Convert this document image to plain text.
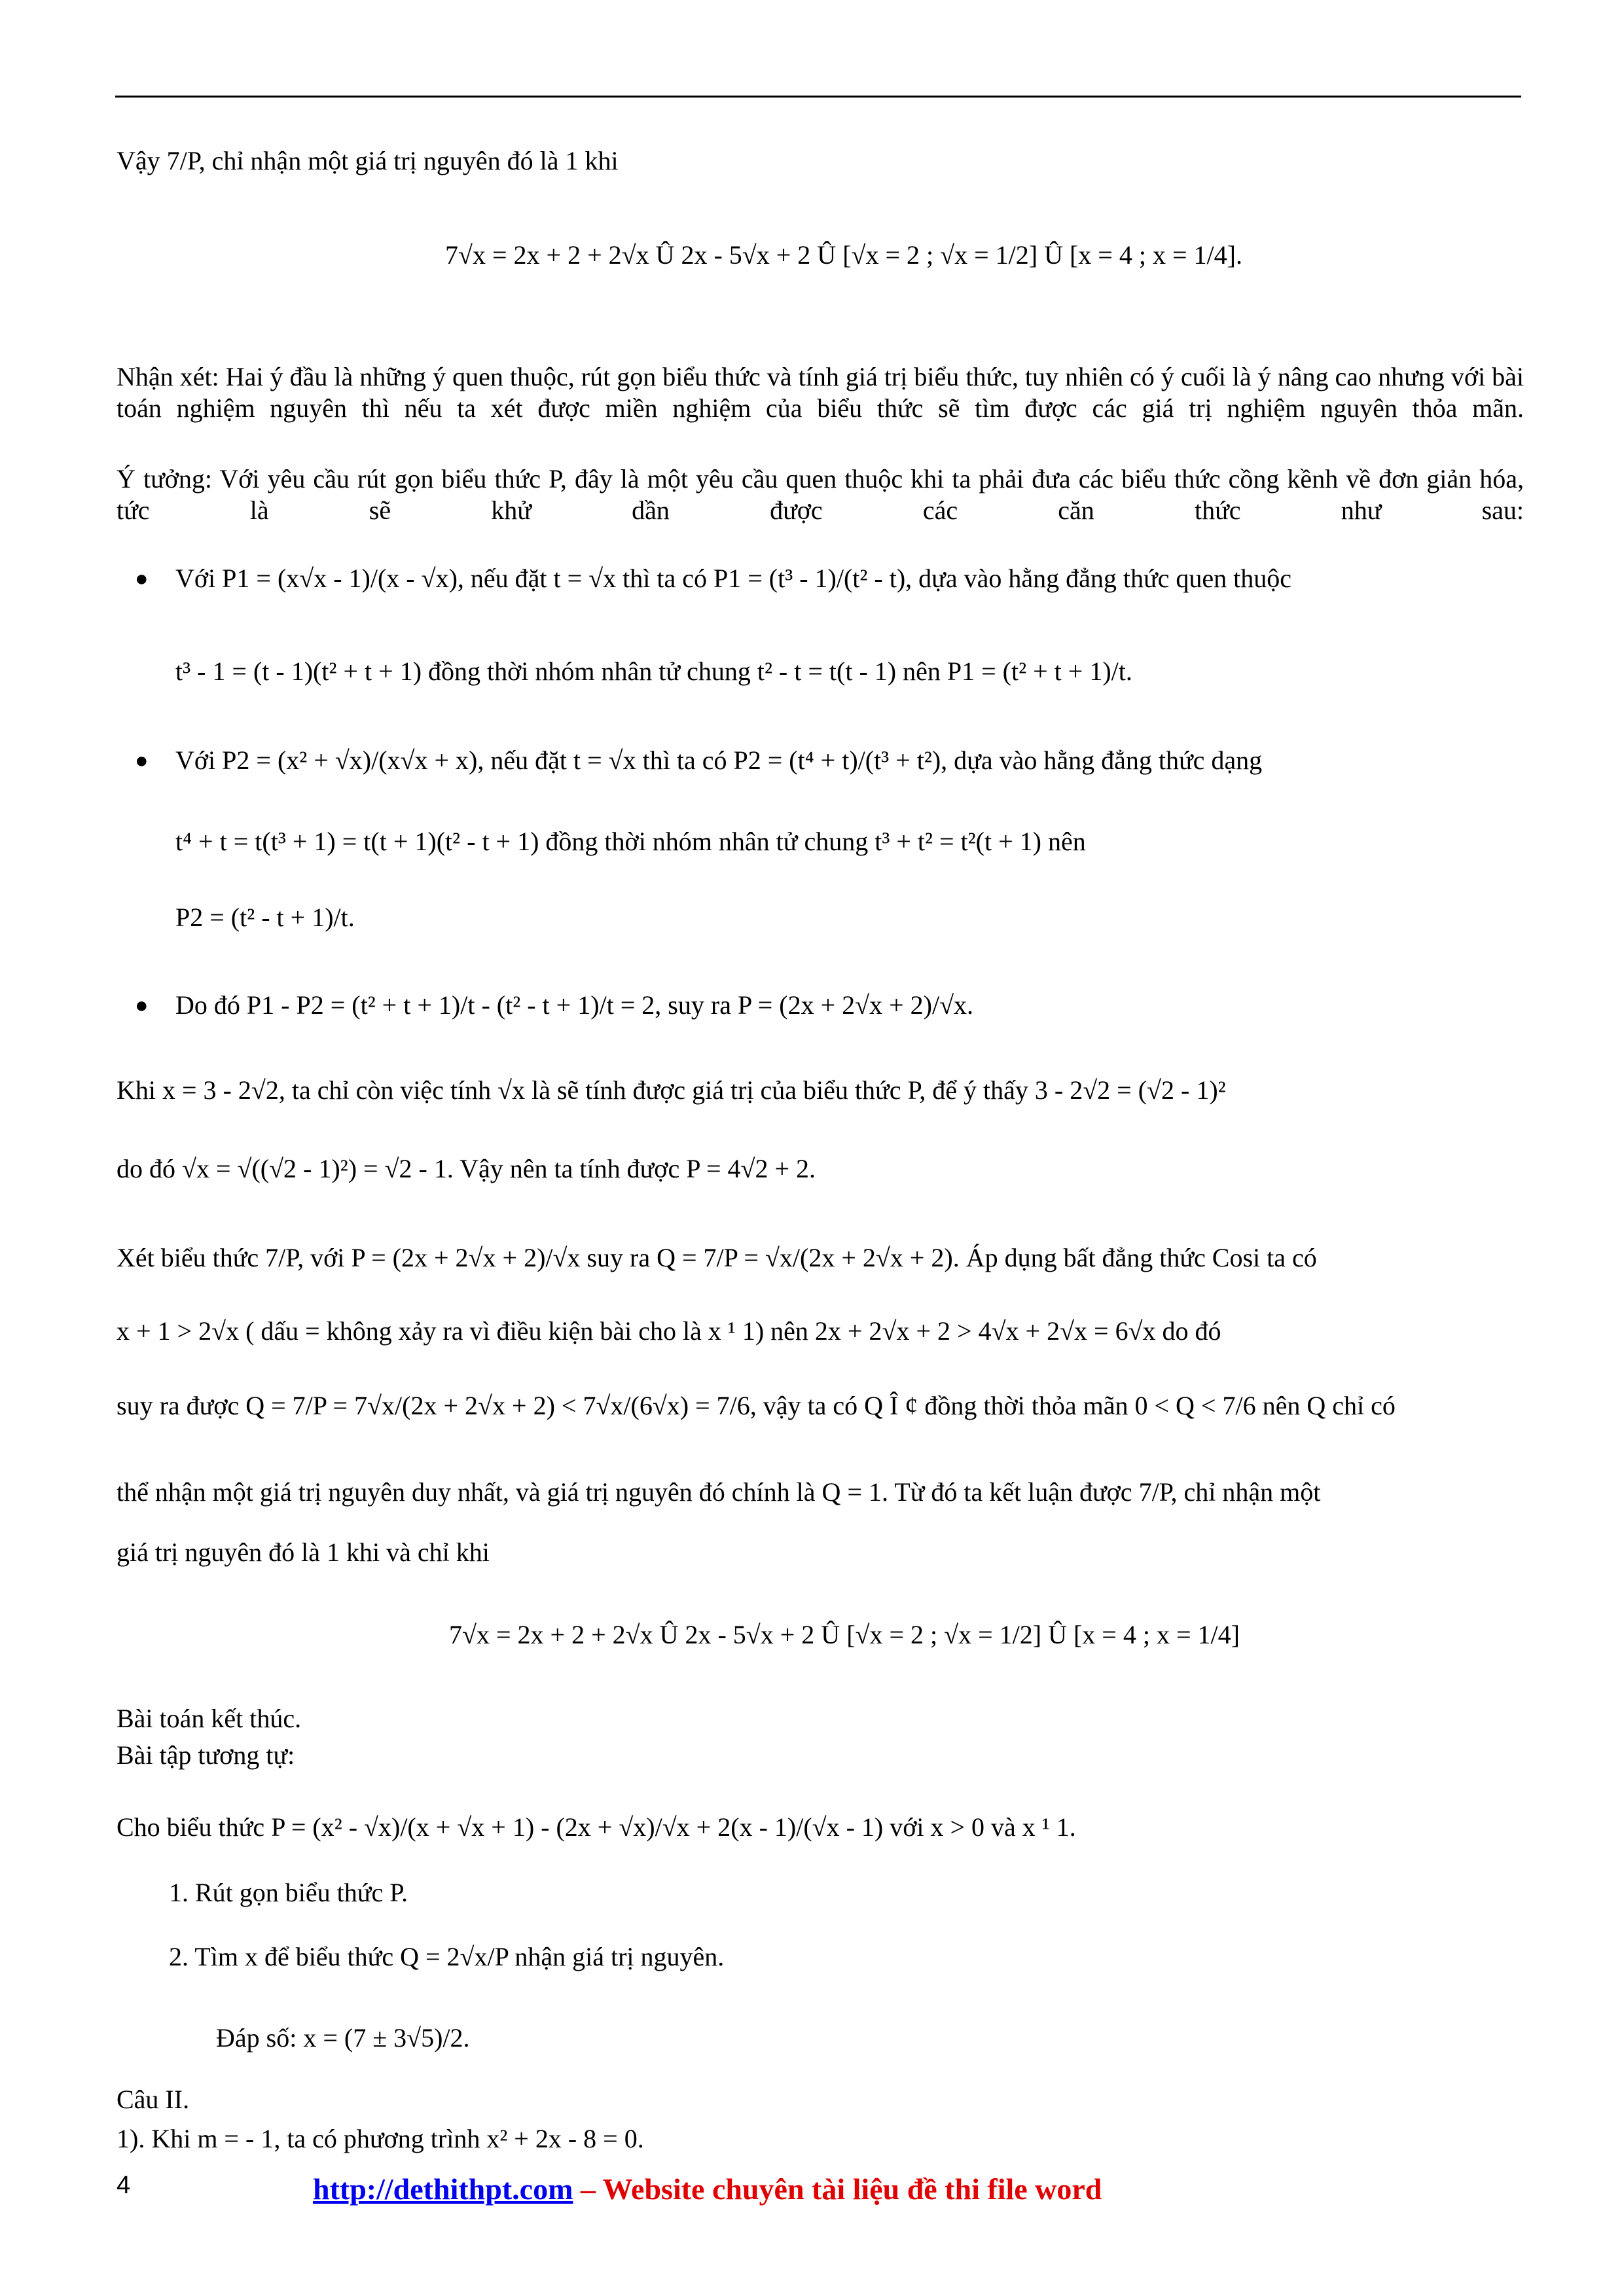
Vậy 7/P, chỉ nhận một giá trị nguyên đó là 1 khi
7√x = 2x + 2 + 2√x Û 2x - 5√x + 2 Û [√x = 2 ; √x = 1/2] Û [x = 4 ; x = 1/4].
Nhận xét: Hai ý đầu là những ý quen thuộc, rút gọn biểu thức và tính giá trị biểu thức, tuy nhiên có ý cuối là ý nâng cao nhưng với bài toán nghiệm nguyên thì nếu ta xét được miền nghiệm của biểu thức sẽ tìm được các giá trị nghiệm nguyên thỏa mãn.
Ý tưởng: Với yêu cầu rút gọn biểu thức P, đây là một yêu cầu quen thuộc khi ta phải đưa các biểu thức cồng kềnh về đơn giản hóa, tức là sẽ khử dần được các căn thức như sau:
● Với P1 = (x√x - 1)/(x - √x), nếu đặt t = √x thì ta có P1 = (t³ - 1)/(t² - t), dựa vào hằng đẳng thức quen thuộc
t³ - 1 = (t - 1)(t² + t + 1) đồng thời nhóm nhân tử chung t² - t = t(t - 1) nên P1 = (t² + t + 1)/t.
● Với P2 = (x² + √x)/(x√x + x), nếu đặt t = √x thì ta có P2 = (t⁴ + t)/(t³ + t²), dựa vào hằng đẳng thức dạng
t⁴ + t = t(t³ + 1) = t(t + 1)(t² - t + 1) đồng thời nhóm nhân tử chung t³ + t² = t²(t + 1) nên
P2 = (t² - t + 1)/t.
● Do đó P1 - P2 = (t² + t + 1)/t - (t² - t + 1)/t = 2, suy ra P = (2x + 2√x + 2)/√x.
Khi x = 3 - 2√2, ta chỉ còn việc tính √x là sẽ tính được giá trị của biểu thức P, để ý thấy 3 - 2√2 = (√2 - 1)²
do đó √x = √((√2 - 1)²) = √2 - 1. Vậy nên ta tính được P = 4√2 + 2.
Xét biểu thức 7/P, với P = (2x + 2√x + 2)/√x suy ra Q = 7/P = √x/(2x + 2√x + 2). Áp dụng bất đẳng thức Cosi ta có
x + 1 > 2√x ( dấu = không xảy ra vì điều kiện bài cho là x ¹ 1) nên 2x + 2√x + 2 > 4√x + 2√x = 6√x do đó
suy ra được Q = 7/P = 7√x/(2x + 2√x + 2) < 7√x/(6√x) = 7/6, vậy ta có Q Î ¢ đồng thời thỏa mãn 0 < Q < 7/6 nên Q chỉ có
thể nhận một giá trị nguyên duy nhất, và giá trị nguyên đó chính là Q = 1. Từ đó ta kết luận được 7/P, chỉ nhận một
giá trị nguyên đó là 1 khi và chỉ khi
7√x = 2x + 2 + 2√x Û 2x - 5√x + 2 Û [√x = 2 ; √x = 1/2] Û [x = 4 ; x = 1/4]
Bài toán kết thúc.
Bài tập tương tự:
Cho biểu thức P = (x² - √x)/(x + √x + 1) - (2x + √x)/√x + 2(x - 1)/(√x - 1) với x > 0 và x ¹ 1.
1. Rút gọn biểu thức P.
2. Tìm x để biểu thức Q = 2√x/P nhận giá trị nguyên.
Đáp số: x = (7 ± 3√5)/2.
Câu II.
1). Khi m = - 1, ta có phương trình x² + 2x - 8 = 0.
4	http://dethithpt.com – Website chuyên tài liệu đề thi file word
